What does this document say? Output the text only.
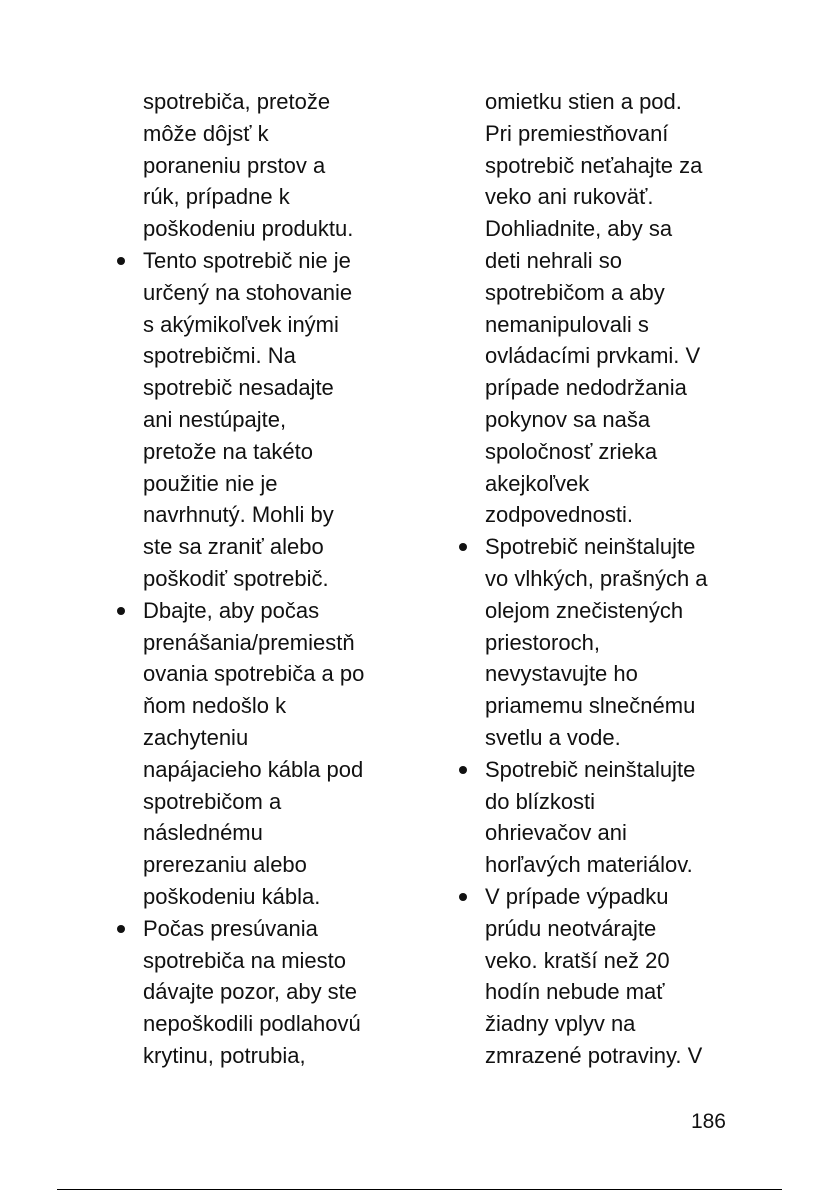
spotrebiča, pretože
môže dôjsť k
poraneniu prstov a
rúk, prípadne k
poškodeniu produktu.
Tento spotrebič nie je
určený na stohovanie
s akýmikoľvek inými
spotrebičmi. Na
spotrebič nesadajte
ani nestúpajte,
pretože na takéto
použitie nie je
navrhnutý. Mohli by
ste sa zraniť alebo
poškodiť spotrebič.
Dbajte, aby počas
prenášania/premiestň
ovania spotrebiča a po
ňom nedošlo k
zachyteniu
napájacieho kábla pod
spotrebičom a
následnému
prerezaniu alebo
poškodeniu kábla.
Počas presúvania
spotrebiča na miesto
dávajte pozor, aby ste
nepoškodili podlahovú
krytinu, potrubia,
omietku stien a pod.
Pri premiestňovaní
spotrebič neťahajte za
veko ani rukoväť.
Dohliadnite, aby sa
deti nehrali so
spotrebičom a aby
nemanipulovali s
ovládacími prvkami. V
prípade nedodržania
pokynov sa naša
spoločnosť zrieka
akejkoľvek
zodpovednosti.
Spotrebič neinštalujte
vo vlhkých, prašných a
olejom znečistených
priestoroch,
nevystavujte ho
priamemu slnečnému
svetlu a vode.
Spotrebič neinštalujte
do blízkosti
ohrievačov ani
horľavých materiálov.
V prípade výpadku
prúdu neotvárajte
veko. kratší než 20
hodín nebude mať
žiadny vplyv na
zmrazené potraviny. V
186
